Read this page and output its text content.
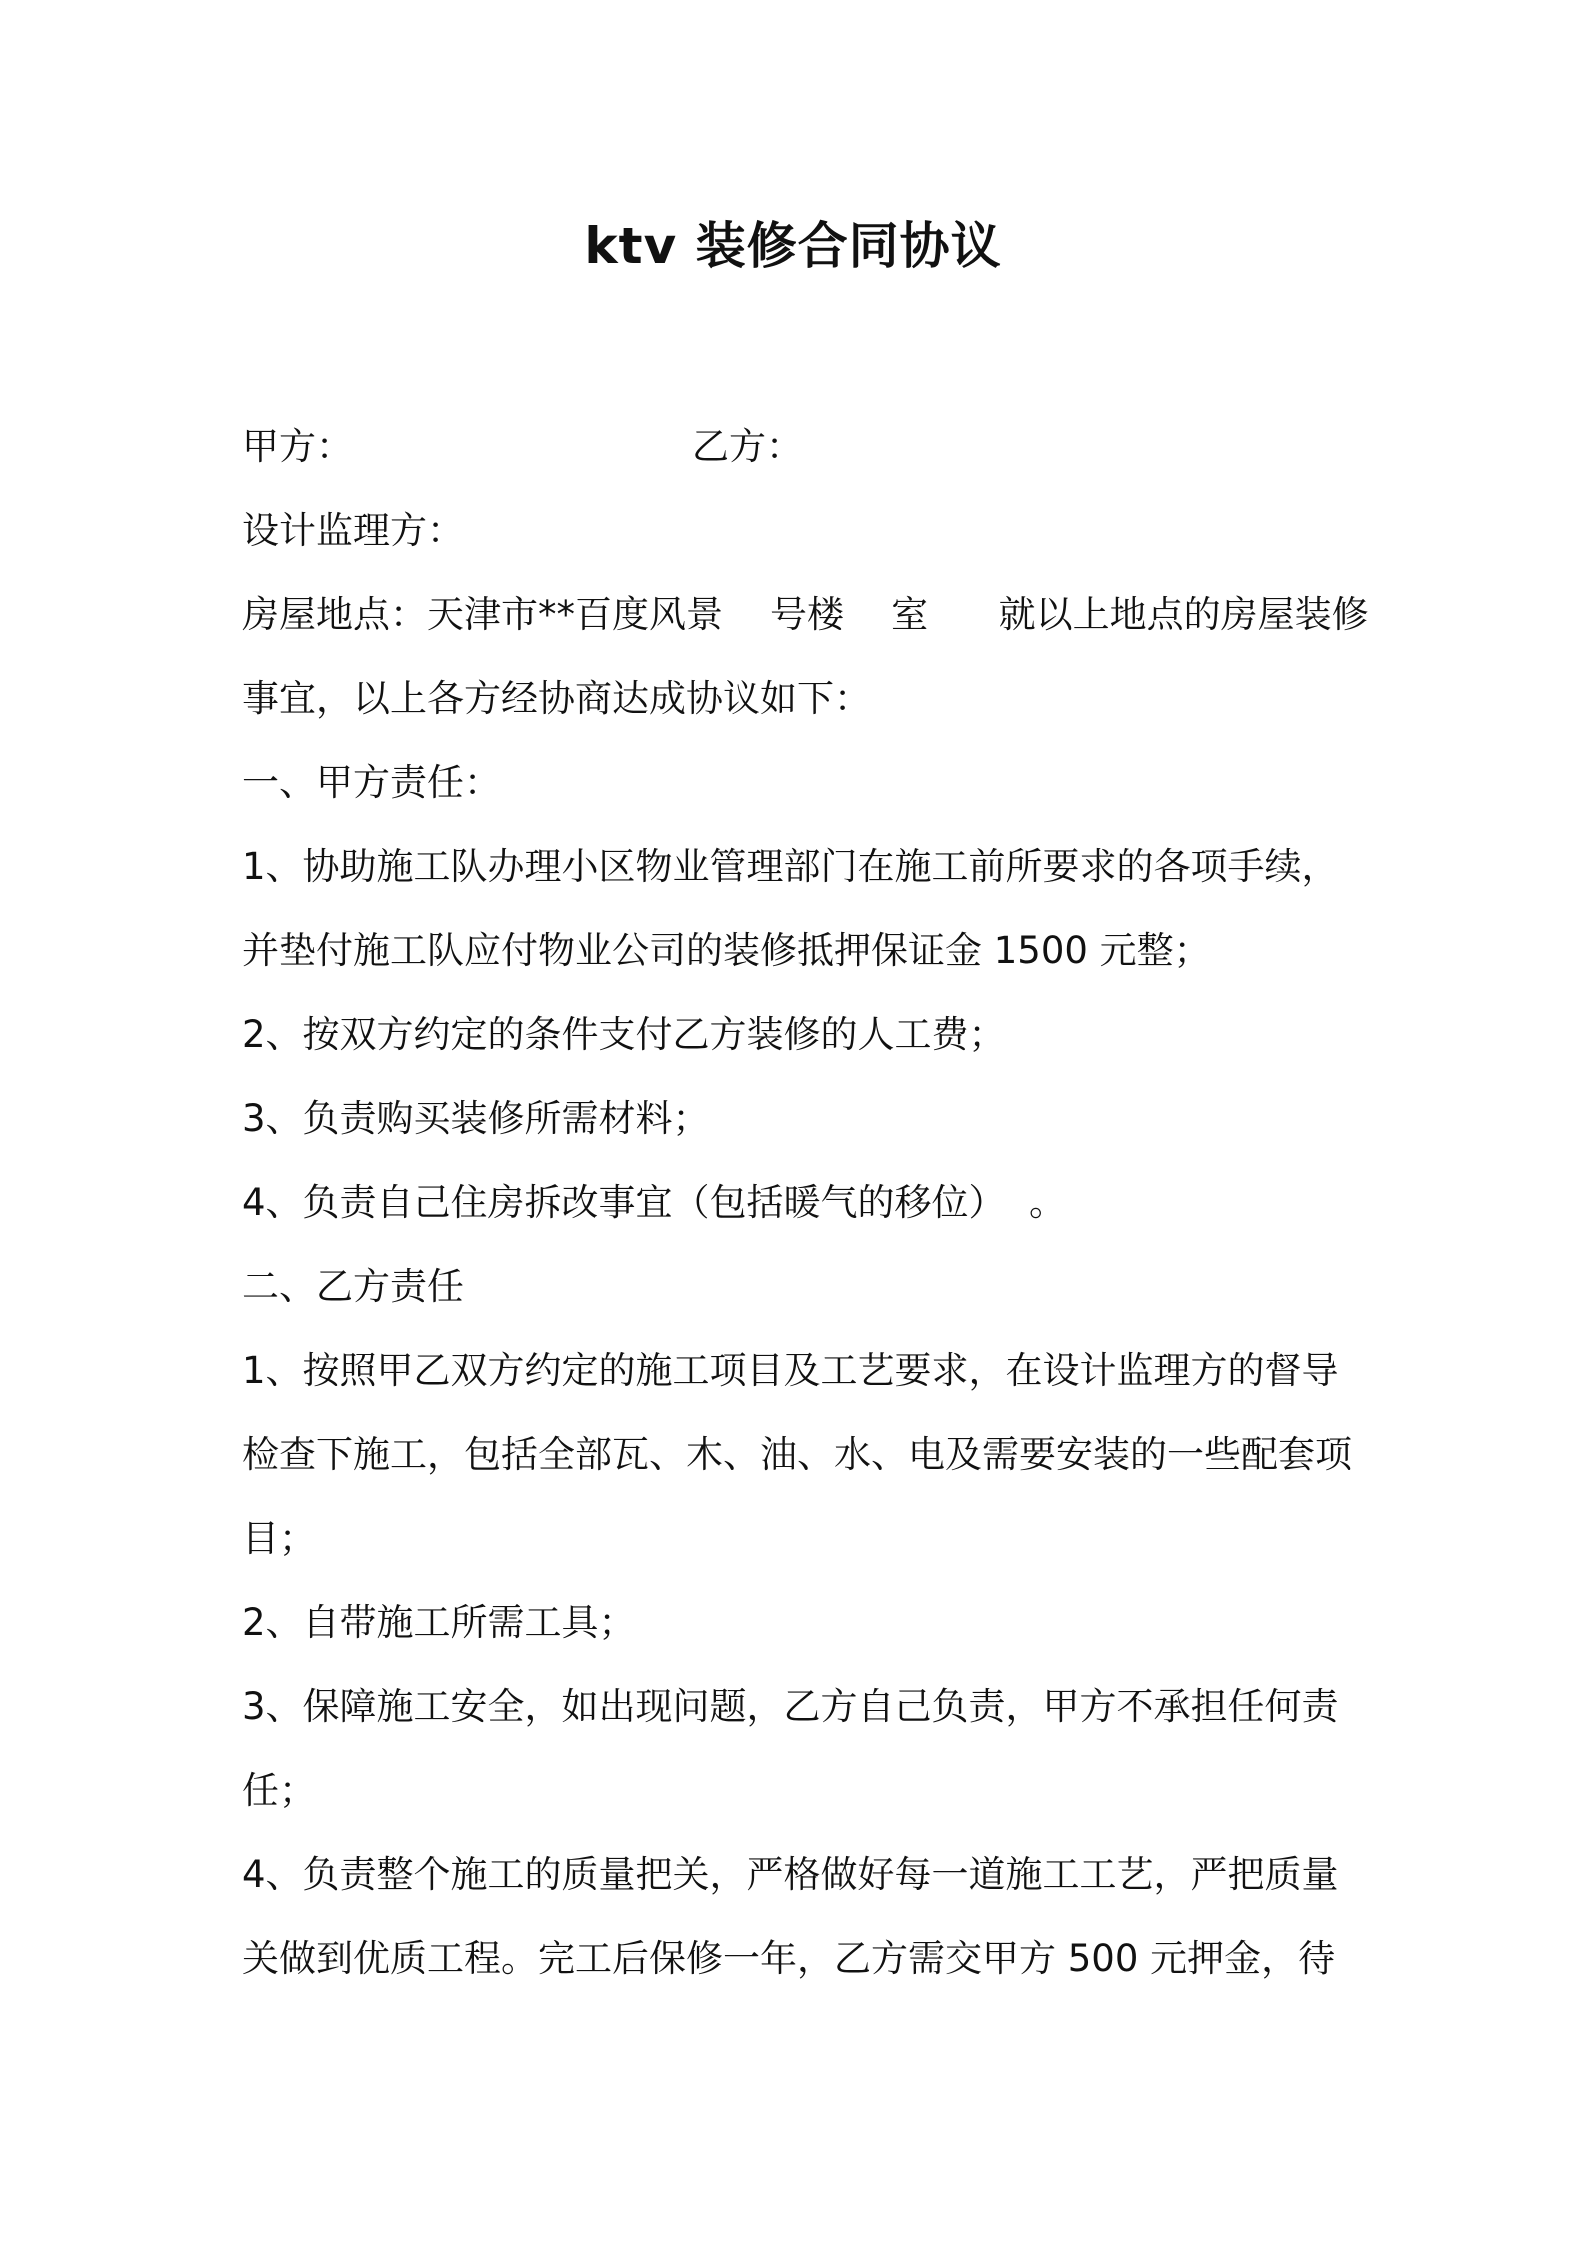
ktv 装修合同协议
甲方：	乙方：
设计监理方：
房屋地点：天津市**百度风景    号楼    室      就以上地点的房屋装修
事宜，以上各方经协商达成协议如下：
一、甲方责任：
1、协助施工队办理小区物业管理部门在施工前所要求的各项手续，
并垫付施工队应付物业公司的装修抵押保证金 1500 元整；
2、按双方约定的条件支付乙方装修的人工费；
3、负责购买装修所需材料；
4、负责自己住房拆改事宜（包括暖气的移位）  。
二、乙方责任
1、按照甲乙双方约定的施工项目及工艺要求，在设计监理方的督导
检查下施工，包括全部瓦、木、油、水、电及需要安装的一些配套项
目；
2、自带施工所需工具；
3、保障施工安全，如出现问题，乙方自己负责，甲方不承担任何责
任；
4、负责整个施工的质量把关，严格做好每一道施工工艺，严把质量
关做到优质工程。完工后保修一年，乙方需交甲方 500 元押金，待
